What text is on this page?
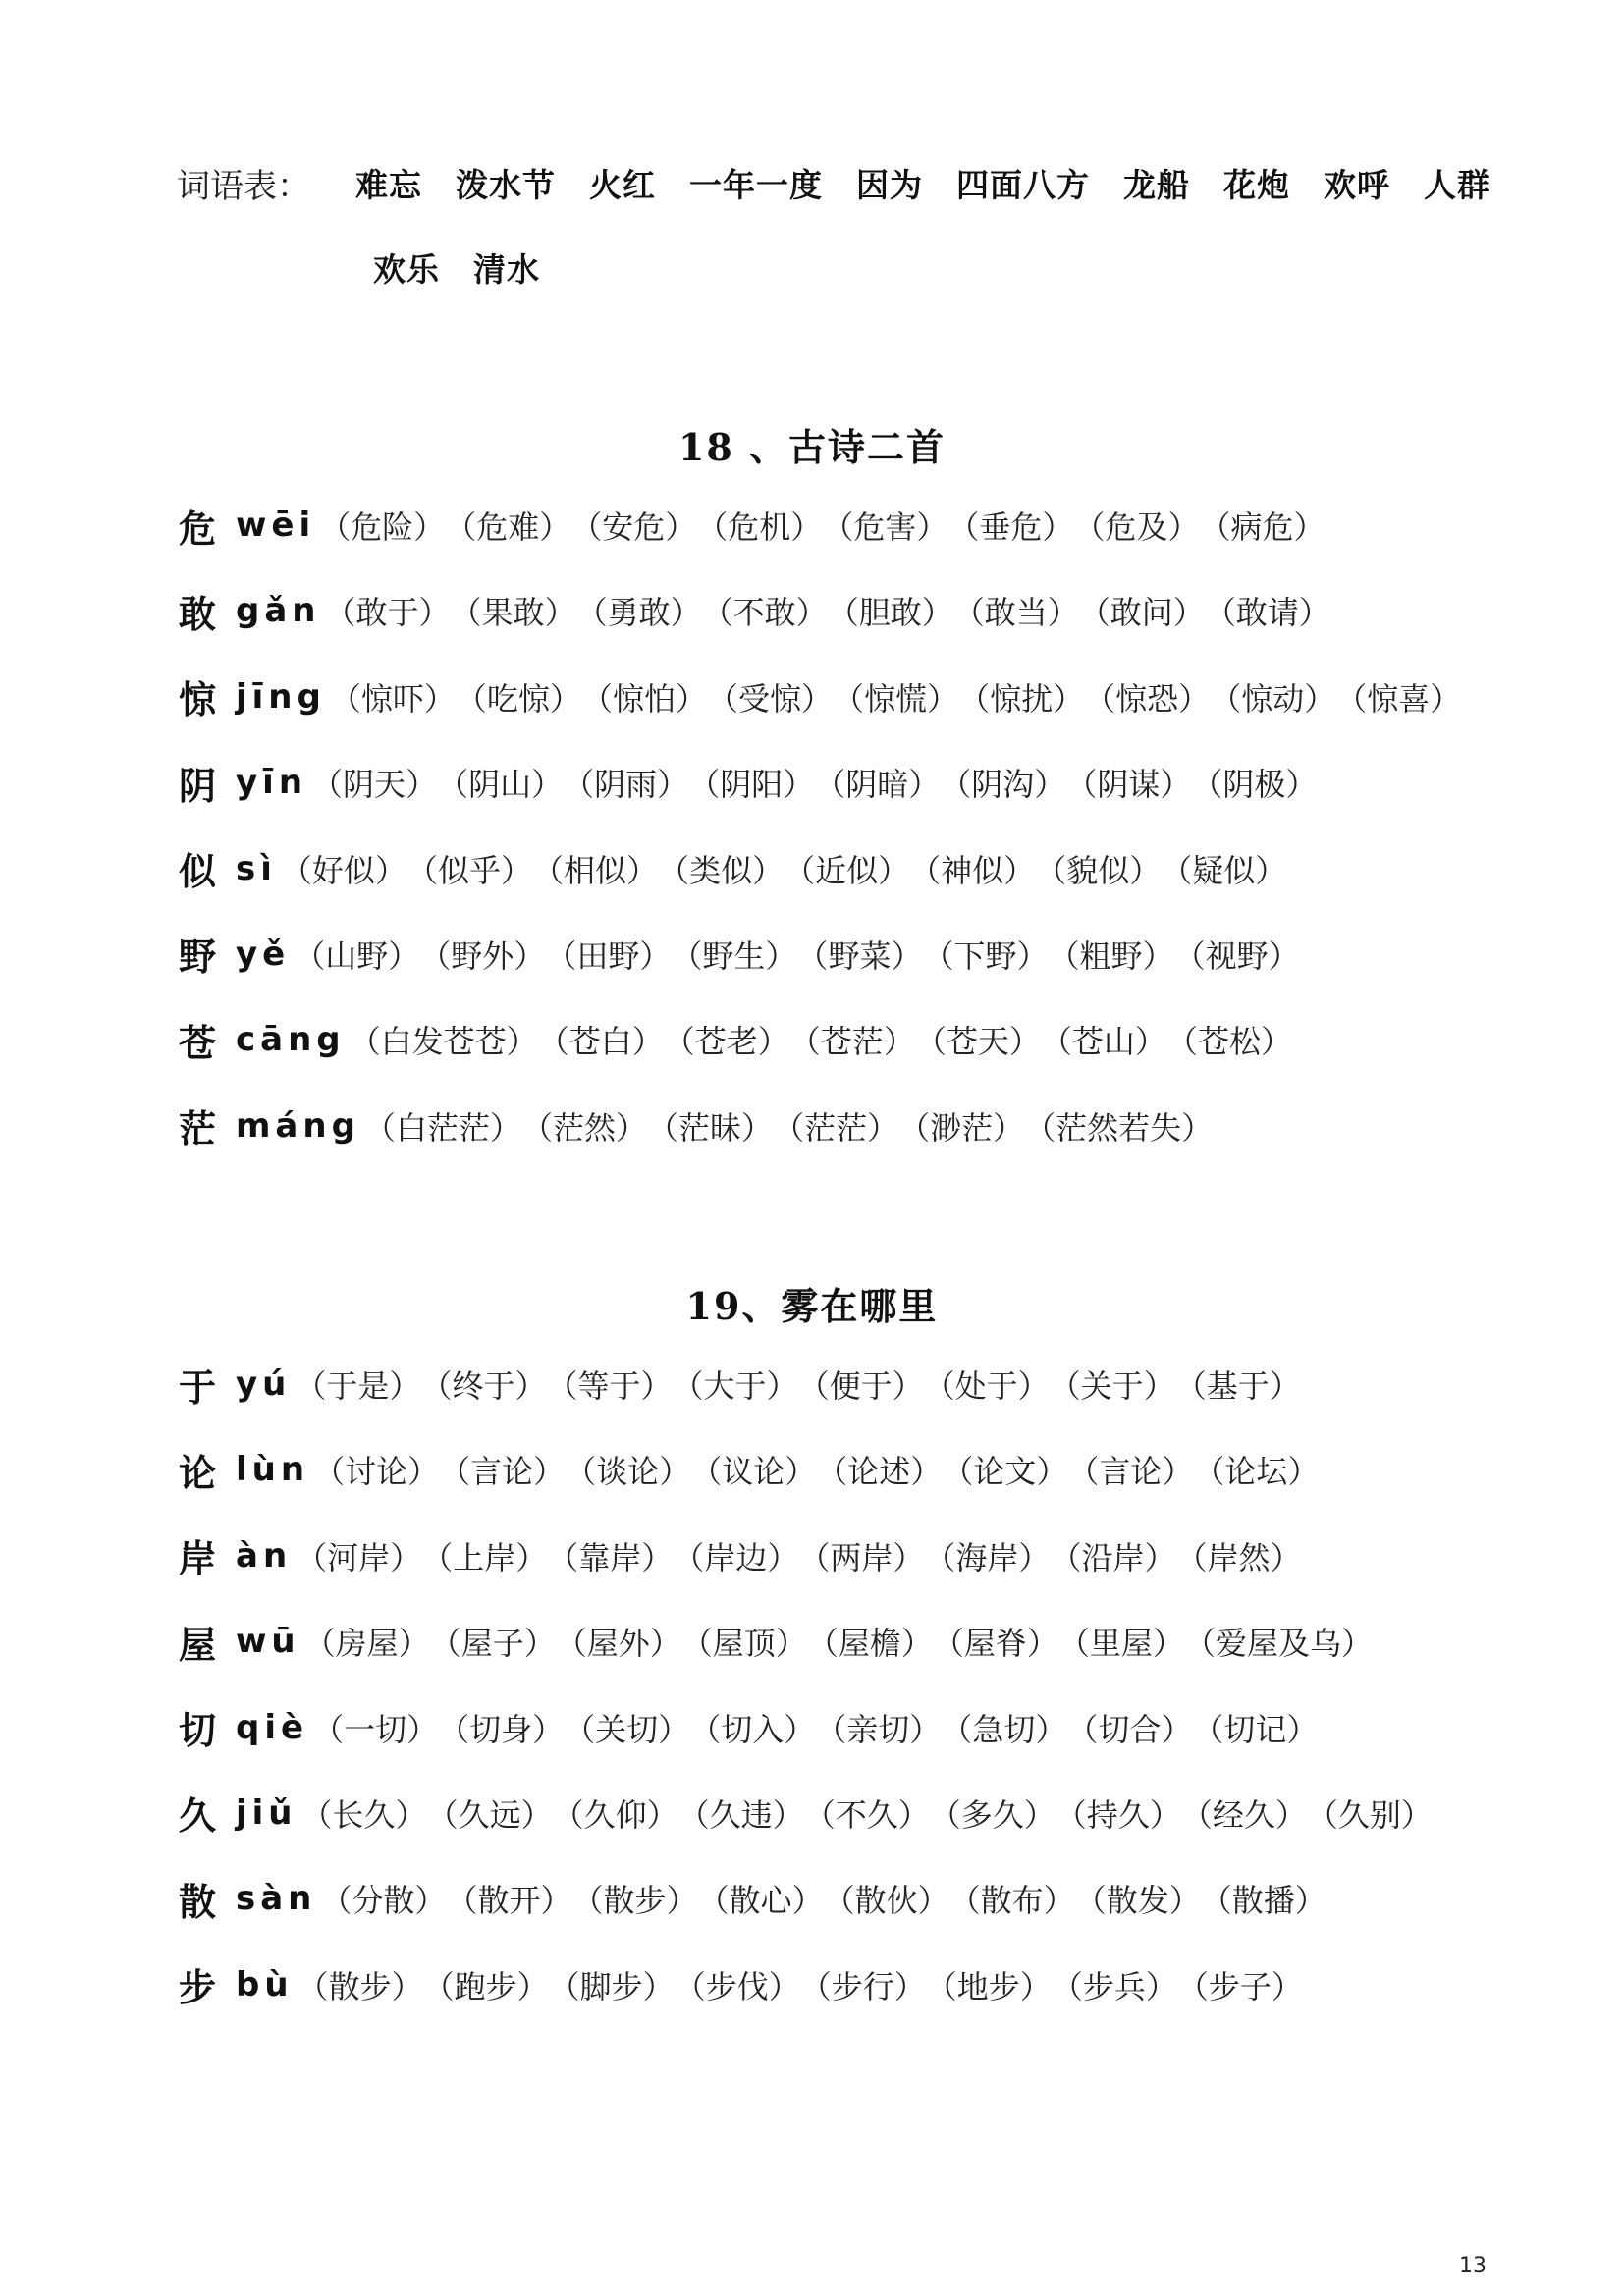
词语表：	难忘 泼水节 火红 一年一度 因为 四面八方 龙船 花炮 欢呼 人群
欢乐 清水
18 、古诗二首
危 wēi	（ 危险 ）	（ 危难 ）	（ 安危 ）	（ 危机 ）	（ 危害 ）	（ 垂危 ）	（ 危及 ）	（ 病危 ）
敢 gǎn	（ 敢于 ）	（ 果敢 ）	（ 勇敢 ）	（ 不敢 ）	（ 胆敢 ）	（ 敢当 ）	（ 敢问 ）	（ 敢请 ）
惊 jīng	（ 惊吓 ）	（ 吃惊 ）	（ 惊怕 ）	（ 受惊 ）	（ 惊慌 ）	（ 惊扰 ）	（ 惊恐 ）	（ 惊动 ）	（ 惊喜 ）
阴 yīn	（ 阴天 ）	（ 阴山 ）	（ 阴雨 ）	（ 阴阳 ）	（ 阴暗 ）	（ 阴沟 ）	（ 阴谋 ）	（ 阴极 ）
似 sì	（ 好似 ）	（ 似乎 ）	（ 相似 ）	（ 类似 ）	（ 近似 ）	（ 神似 ）	（ 貌似 ）	（ 疑似 ）
野 yě	（ 山野 ）	（ 野外 ）	（ 田野 ）	（ 野生 ）	（ 野菜 ）	（ 下野 ）	（ 粗野 ）	（ 视野 ）
苍 cāng	（ 白发苍苍 ）	（ 苍白 ）	（ 苍老 ）	（ 苍茫 ）	（ 苍天 ）	（ 苍山 ）	（ 苍松 ）
茫 máng	（ 白茫茫 ）	（ 茫然 ）	（ 茫昧 ）	（ 茫茫 ）	（ 渺茫 ）	（ 茫然若失 ）
19、雾在哪里
于 yú	（ 于是 ）	（ 终于 ）	（ 等于 ）	（ 大于 ）	（ 便于 ）	（ 处于 ）	（ 关于 ）	（ 基于 ）
论 lùn	（ 讨论 ）	（ 言论 ）	（ 谈论 ）	（ 议论 ）	（ 论述 ）	（ 论文 ）	（ 言论 ）	（ 论坛 ）
岸 àn	（ 河岸 ）	（ 上岸 ）	（ 靠岸 ）	（ 岸边 ）	（ 两岸 ）	（ 海岸 ）	（ 沿岸 ）	（ 岸然 ）
屋 wū	（ 房屋 ）	（ 屋子 ）	（ 屋外 ）	（ 屋顶 ）	（ 屋檐 ）	（ 屋脊 ）	（ 里屋 ）	（ 爱屋及乌 ）
切 qiè	（ 一切 ）	（ 切身 ）	（ 关切 ）	（ 切入 ）	（ 亲切 ）	（ 急切 ）	（ 切合 ）	（ 切记 ）
久 jiǔ	（ 长久 ）	（ 久远 ）	（ 久仰 ）	（ 久违 ）	（ 不久 ）	（ 多久 ）	（ 持久 ）	（ 经久 ）	（ 久别 ）
散 sàn	（ 分散 ）	（ 散开 ）	（ 散步 ）	（ 散心 ）	（ 散伙 ）	（ 散布 ）	（ 散发 ）	（ 散播 ）
步 bù	（ 散步 ）	（ 跑步 ）	（ 脚步 ）	（ 步伐 ）	（ 步行 ）	（ 地步 ）	（ 步兵 ）	（ 步子 ）
13
